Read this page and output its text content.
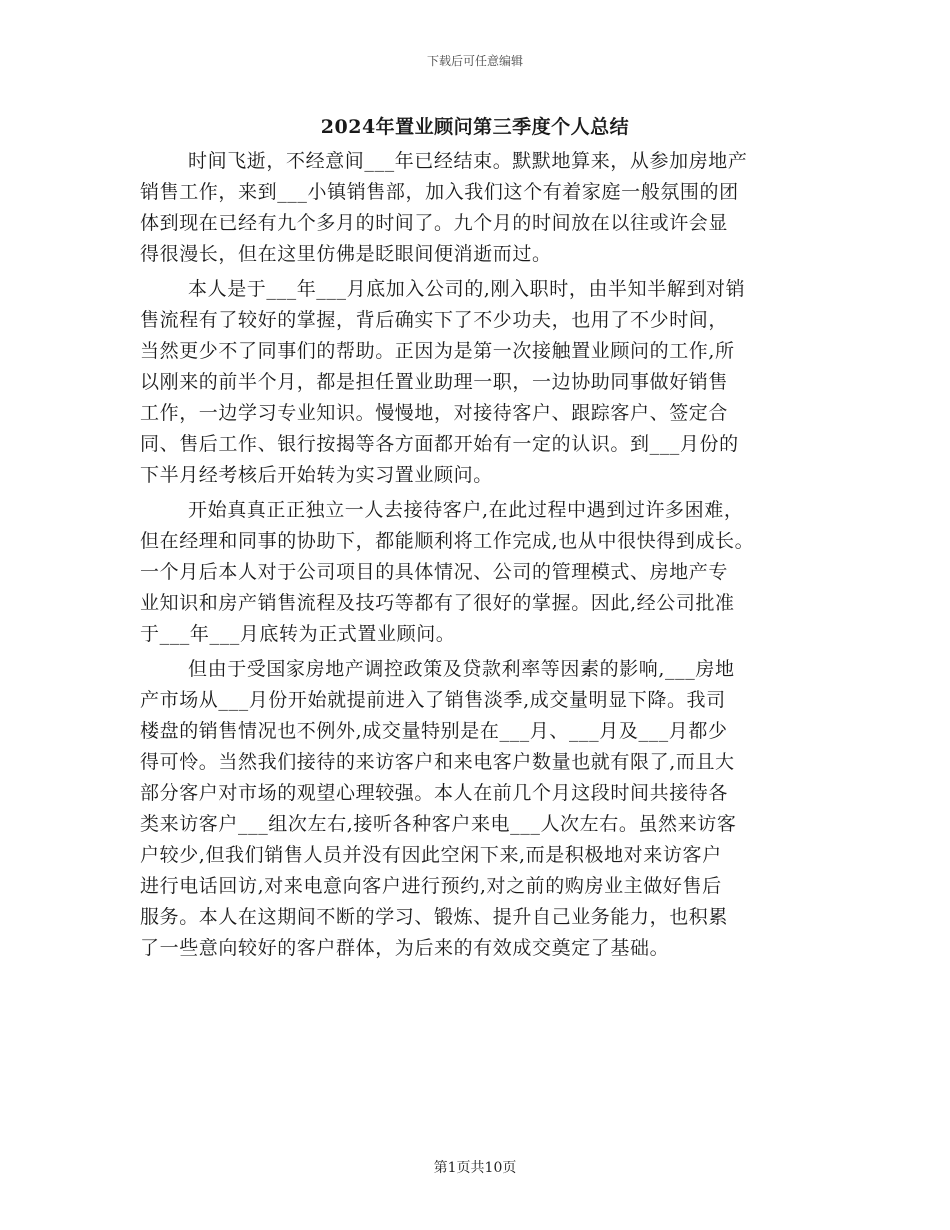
下载后可任意编辑
2024年置业顾问第三季度个人总结
时间飞逝，不经意间___年已经结束。默默地算来，从参加房地产
销售工作，来到___小镇销售部，加入我们这个有着家庭一般氛围的团
体到现在已经有九个多月的时间了。九个月的时间放在以往或许会显
得很漫长，但在这里仿佛是眨眼间便消逝而过。
本人是于___年___月底加入公司的,刚入职时，由半知半解到对销
售流程有了较好的掌握，背后确实下了不少功夫，也用了不少时间，
当然更少不了同事们的帮助。正因为是第一次接触置业顾问的工作,所
以刚来的前半个月，都是担任置业助理一职，一边协助同事做好销售
工作，一边学习专业知识。慢慢地，对接待客户、跟踪客户、签定合
同、售后工作、银行按揭等各方面都开始有一定的认识。到___月份的
下半月经考核后开始转为实习置业顾问。
开始真真正正独立一人去接待客户,在此过程中遇到过许多困难，
但在经理和同事的协助下，都能顺利将工作完成,也从中很快得到成长。
一个月后本人对于公司项目的具体情况、公司的管理模式、房地产专
业知识和房产销售流程及技巧等都有了很好的掌握。因此,经公司批准
于___年___月底转为正式置业顾问。
但由于受国家房地产调控政策及贷款利率等因素的影响,___房地
产市场从___月份开始就提前进入了销售淡季,成交量明显下降。我司
楼盘的销售情况也不例外,成交量特别是在___月、___月及___月都少
得可怜。当然我们接待的来访客户和来电客户数量也就有限了,而且大
部分客户对市场的观望心理较强。本人在前几个月这段时间共接待各
类来访客户___组次左右,接听各种客户来电___人次左右。虽然来访客
户较少,但我们销售人员并没有因此空闲下来,而是积极地对来访客户
进行电话回访,对来电意向客户进行预约,对之前的购房业主做好售后
服务。本人在这期间不断的学习、锻炼、提升自己业务能力，也积累
了一些意向较好的客户群体，为后来的有效成交奠定了基础。
第1页共10页
